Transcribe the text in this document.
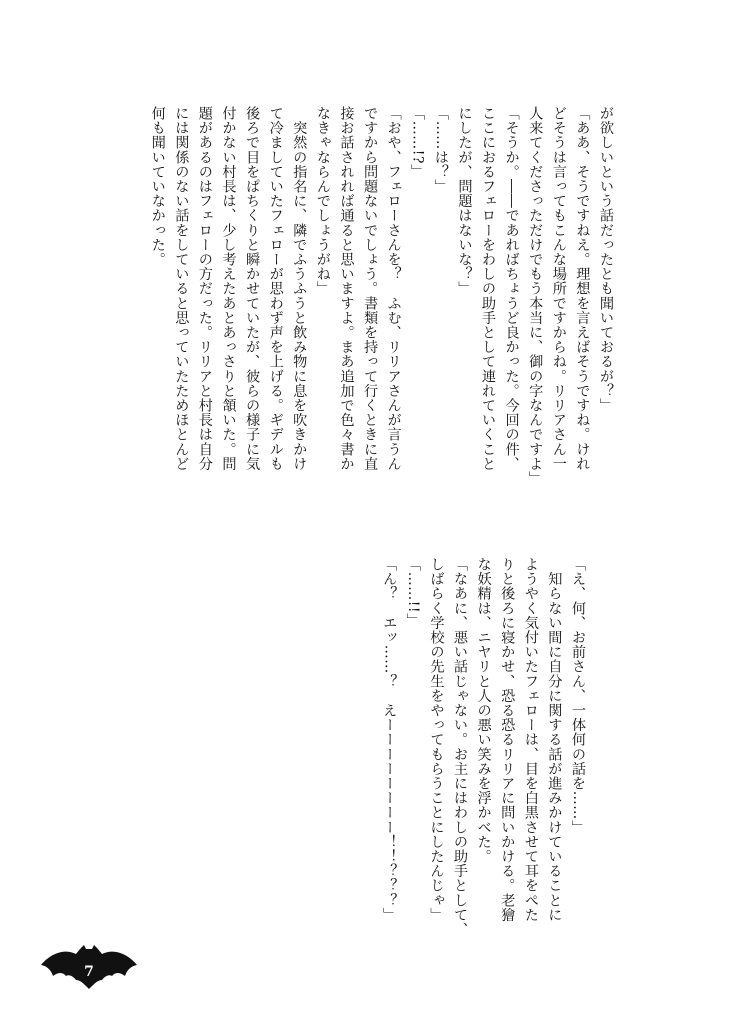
が欲しいという話だったとも聞いておるが？」

「ああ、そうですねえ。理想を言えばそうですね。けれ

どそうは言ってもこんな場所ですからね。リリアさん一

人来てくださっただけでもう本当に、御の字なんですよ」

「そうか。――であればちょうど良かった。今回の件、

ここにおるフェローをわしの助手として連れていくこと

にしたが、問題はないな？」

「……は？」

「……!?」

「おや、フェローさんを？　ふむ、リリアさんが言うん

ですから問題ないでしょう。書類を持って行くときに直

接お話されれば通ると思いますよ。まあ追加で色々書か

なきゃならんでしょうがね」

　突然の指名に、隣でふうふうと飲み物に息を吹きかけ

て冷ましていたフェローが思わず声を上げる。ギデルも

後ろで目をぱちくりと瞬かせていたが、彼らの様子に気

付かない村長は、少し考えたあとあっさりと頷いた。問

題があるのはフェローの方だった。リリアと村長は自分

には関係のない話をしていると思っていたためほとんど

何も聞いていなかった。

「え、何、お前さん、一体何の話を……」

　知らない間に自分に関する話が進みかけていることに

ようやく気付いたフェローは、目を白黒させて耳をぺた

りと後ろに寝かせ、恐る恐るリリアに問いかける。老獪

な妖精は、ニヤリと人の悪い笑みを浮かべた。

「なあに、悪い話じゃない。お主にはわしの助手として、

しばらく学校の先生をやってもらうことにしたんじゃ」

「……!!」

「ん？　エッ……？　えーーーーーーーー！！？？？」

7
